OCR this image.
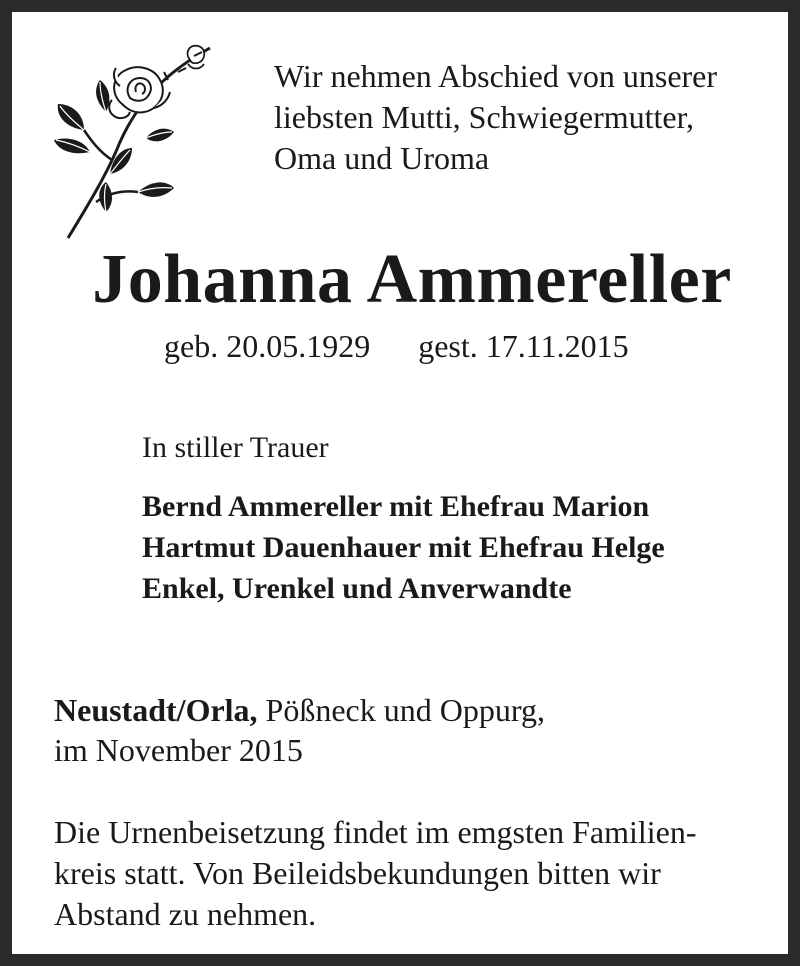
Wir nehmen Abschied von unserer
liebsten Mutti, Schwiegermutter,
Oma und Uroma
Johanna Ammereller
geb. 20.05.1929 gest. 17.11.2015
In stiller Trauer
Bernd Ammereller mit Ehefrau Marion
Hartmut Dauenhauer mit Ehefrau Helge
Enkel, Urenkel und Anverwandte
Neustadt/Orla, Pößneck und Oppurg,
im November 2015
Die Urnenbeisetzung findet im emgsten Familien-
kreis statt. Von Beileidsbekundungen bitten wir
Abstand zu nehmen.
